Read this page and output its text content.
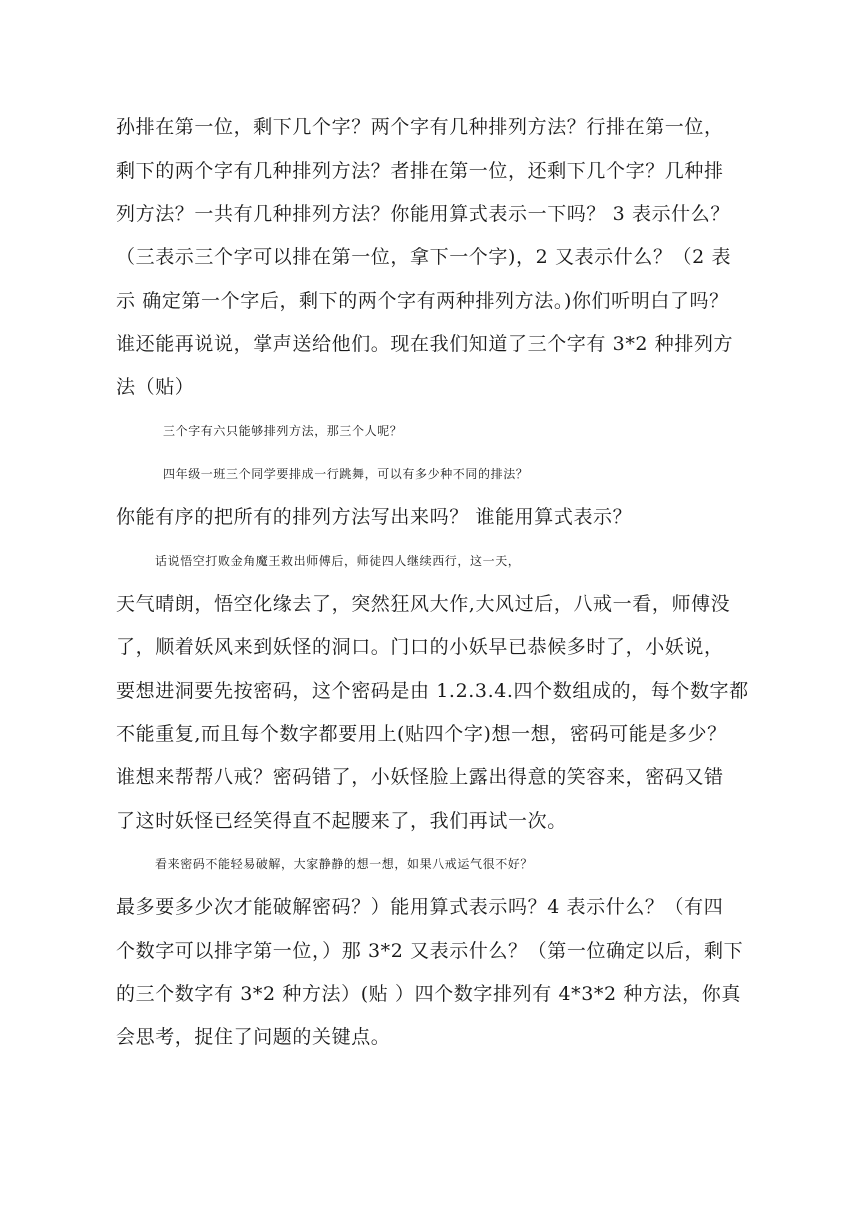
孙排在第一位，剩下几个字？两个字有几种排列方法？行排在第一位，
剩下的两个字有几种排列方法？者排在第一位，还剩下几个字？几种排
列方法？一共有几种排列方法？你能用算式表示一下吗？ 3 表示什么？
（三表示三个字可以排在第一位，拿下一个字)，2 又表示什么？（2 表
示 确定第一个字后，剩下的两个字有两种排列方法。)你们听明白了吗？
谁还能再说说，掌声送给他们。现在我们知道了三个字有 3*2 种排列方
法（贴）
三个字有六只能够排列方法，那三个人呢？
四年级一班三个同学要排成一行跳舞，可以有多少种不同的排法？
你能有序的把所有的排列方法写出来吗？ 谁能用算式表示？
话说悟空打败金角魔王救出师傅后，师徒四人继续西行，这一天，
天气晴朗，悟空化缘去了，突然狂风大作,大风过后，八戒一看，师傅没
了，顺着妖风来到妖怪的洞口。门口的小妖早已恭候多时了，小妖说，
要想进洞要先按密码，这个密码是由 1.2.3.4.四个数组成的，每个数字都
不能重复,而且每个数字都要用上(贴四个字)想一想，密码可能是多少？
谁想来帮帮八戒？密码错了，小妖怪脸上露出得意的笑容来，密码又错
了这时妖怪已经笑得直不起腰来了，我们再试一次。
看来密码不能轻易破解，大家静静的想一想，如果八戒运气很不好？
最多要多少次才能破解密码？）能用算式表示吗？4 表示什么？（有四
个数字可以排字第一位，）那 3*2 又表示什么？（第一位确定以后，剩下
的三个数字有 3*2 种方法）(贴 ）四个数字排列有 4*3*2 种方法，你真
会思考，捉住了问题的关键点。
